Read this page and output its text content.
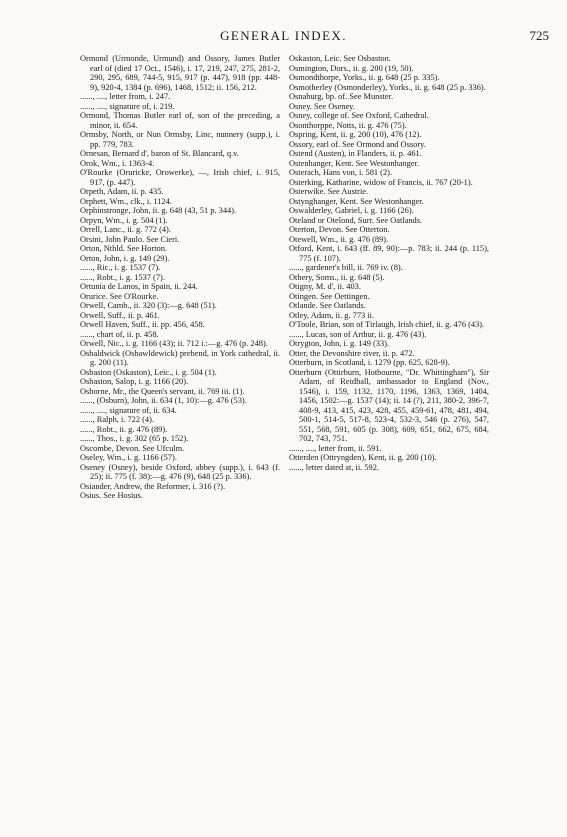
GENERAL INDEX.	725

Ormond (Urmonde, Urmund) and Ossory, James Butler earl of (died 17 Oct., 1546), i. 17, 219, 247, 275, 281-2, 290, 295, 689, 744-5, 915, 917 (p. 447), 918 (pp. 448-9), 920-4, 1384 (p. 696), 1468, 1512; ii. 156, 212.

......, ...., letter from, i. 247.

......, ...., signature of, i. 219.

Ormond, Thomas Butler earl of, son of the preceding, a minor, ii. 654.

Ormsby, North, or Nun Ormsby, Linc, nunnery (supp.), i. pp. 779, 783.

Ornesan, Bernard d', baron of St. Blancard, q.v.

Orok, Wm., i. 1363-4.

O'Rourke (Oruricke, Orowerke), —, Irish chief, i. 915, 917, (p. 447).

Orpeth, Adam, ii. p. 435.

Orphett, Wm., clk., i. 1124.

Orphinstronge, John, ii. g. 648 (43, 51 p. 344).

Orpyn, Wm., i. g. 504 (1).

Orrell, Lanc., ii. g. 772 (4).

Orsini, John Paulo. See Cieri.

Orton, Nthld. See Horton.

Orton, John, i. g. 149 (29).

......, Ric., i. g. 1537 (7).

......, Robt., i. g. 1537 (7).

Ortunia de Lanos, in Spain, ii. 244.

Orurice. See O'Rourke.

Orwell, Camb., ii. 320 (3):—g. 648 (51).

Orwell, Suff., ii. p. 461.

Orwell Haven, Suff., ii. pp. 456, 458.

......, chart of, ii. p. 458.

Orwell, Nic., i. g. 1166 (43); ii. 712 i.:—g. 476 (p. 248).

Osbaldwick (Osbawldewick) prebend, in York cathedral, ii. g. 200 (11).

Osbaston (Oskaston), Leic., i. g. 504 (1).

Osbaston, Salop, i. g. 1166 (20).

Osborne, Mr., the Queen's servant, ii. 769 iii. (1).

......, (Osburn), John, ii. 634 (1, 10):—g. 476 (53).

......, ...., signature of, ii. 634.

......, Ralph, i. 722 (4).

......, Robt., ii. g. 476 (89).

......, Thos., i. g. 302 (65 p. 152).

Oscombe, Devon. See Ufculm.

Oseley, Wm., i. g. 1166 (57).

Oseney (Osney), beside Oxford, abbey (supp.), i. 643 (f. 25); ii. 775 (f. 38):—g. 476 (9), 648 (25 p. 336).

Osiander, Andrew, the Reformer, i. 316 (?).

Osius. See Hosius.

Oskaston, Leic. See Osbaston.

Osmington, Dors., ii. g. 200 (19, 50).

Osmondthorpe, Yorks., ii. g. 648 (25 p. 335).

Osmotherley (Osmonderley), Yorks., ii. g. 648 (25 p. 336).

Osnaburg, bp. of. See Munster.

Osney. See Oseney.

Osney, college of. See Oxford, Cathedral.

Osonthorppe, Notts, ii. g. 476 (75).

Ospring, Kent, ii. g. 200 (10), 476 (12).

Ossory, earl of. See Ormond and Ossory.

Ostend (Austen), in Flanders, ii. p. 461.

Ostenhanger, Kent. See Westonhanger.

Osterach, Hans von, i. 581 (2).

Osterking, Katharine, widow of Francis, ii. 767 (20-1).

Osterwike. See Austrie.

Ostynghanger, Kent. See Westonhanger.

Oswalderley, Gabriel, i. g. 1166 (26).

Oteland or Otelond, Surr. See Oatlands.

Oterton, Devon. See Otterton.

Otewell, Wm., ii. g. 476 (89).

Otford, Kent, i. 643 (ff. 89, 90):—p. 783; ii. 244 (p. 115), 775 (f. 107).

......, gardener's bill, ii. 769 iv. (8).

Othery, Soms., ii. g. 648 (5).

Otigny, M. d', ii. 403.

Otingen. See Oettingen.

Otlande. See Oatlands.

Otley, Adam, ii. g. 773 ii.

O'Toole, Brian, son of Tirlaugh, Irish chief, ii. g. 476 (43).

......, Lucas, son of Arthur, ii. g. 476 (43).

Otrygton, John, i. g. 149 (33).

Otter, the Devonshire river, ii. p. 472.

Otterburn, in Scotland, i. 1279 (pp. 625, 628-9).

Otterburn (Ottirburn, Hotbourne, "Dr. Whittingham"), Sir Adam, of Reidhall, ambassador to England (Nov., 1546), i. 159, 1132, 1170, 1196, 1363, 1369, 1404, 1456, 1502:—g. 1537 (14); ii. 14 (?), 211, 380-2, 396-7, 408-9, 413, 415, 423, 428, 455, 459-61, 478, 481, 494, 500-1, 514-5, 517-8, 523-4, 532-3, 546 (p. 276), 547, 551, 568, 591, 605 (p. 308), 609, 651, 662, 675, 684, 702, 743, 751.

......, ...., letter from, ii. 591.

Otterden (Ottryngden), Kent, ii. g. 200 (10).

......, letter dated at, ii. 592.
